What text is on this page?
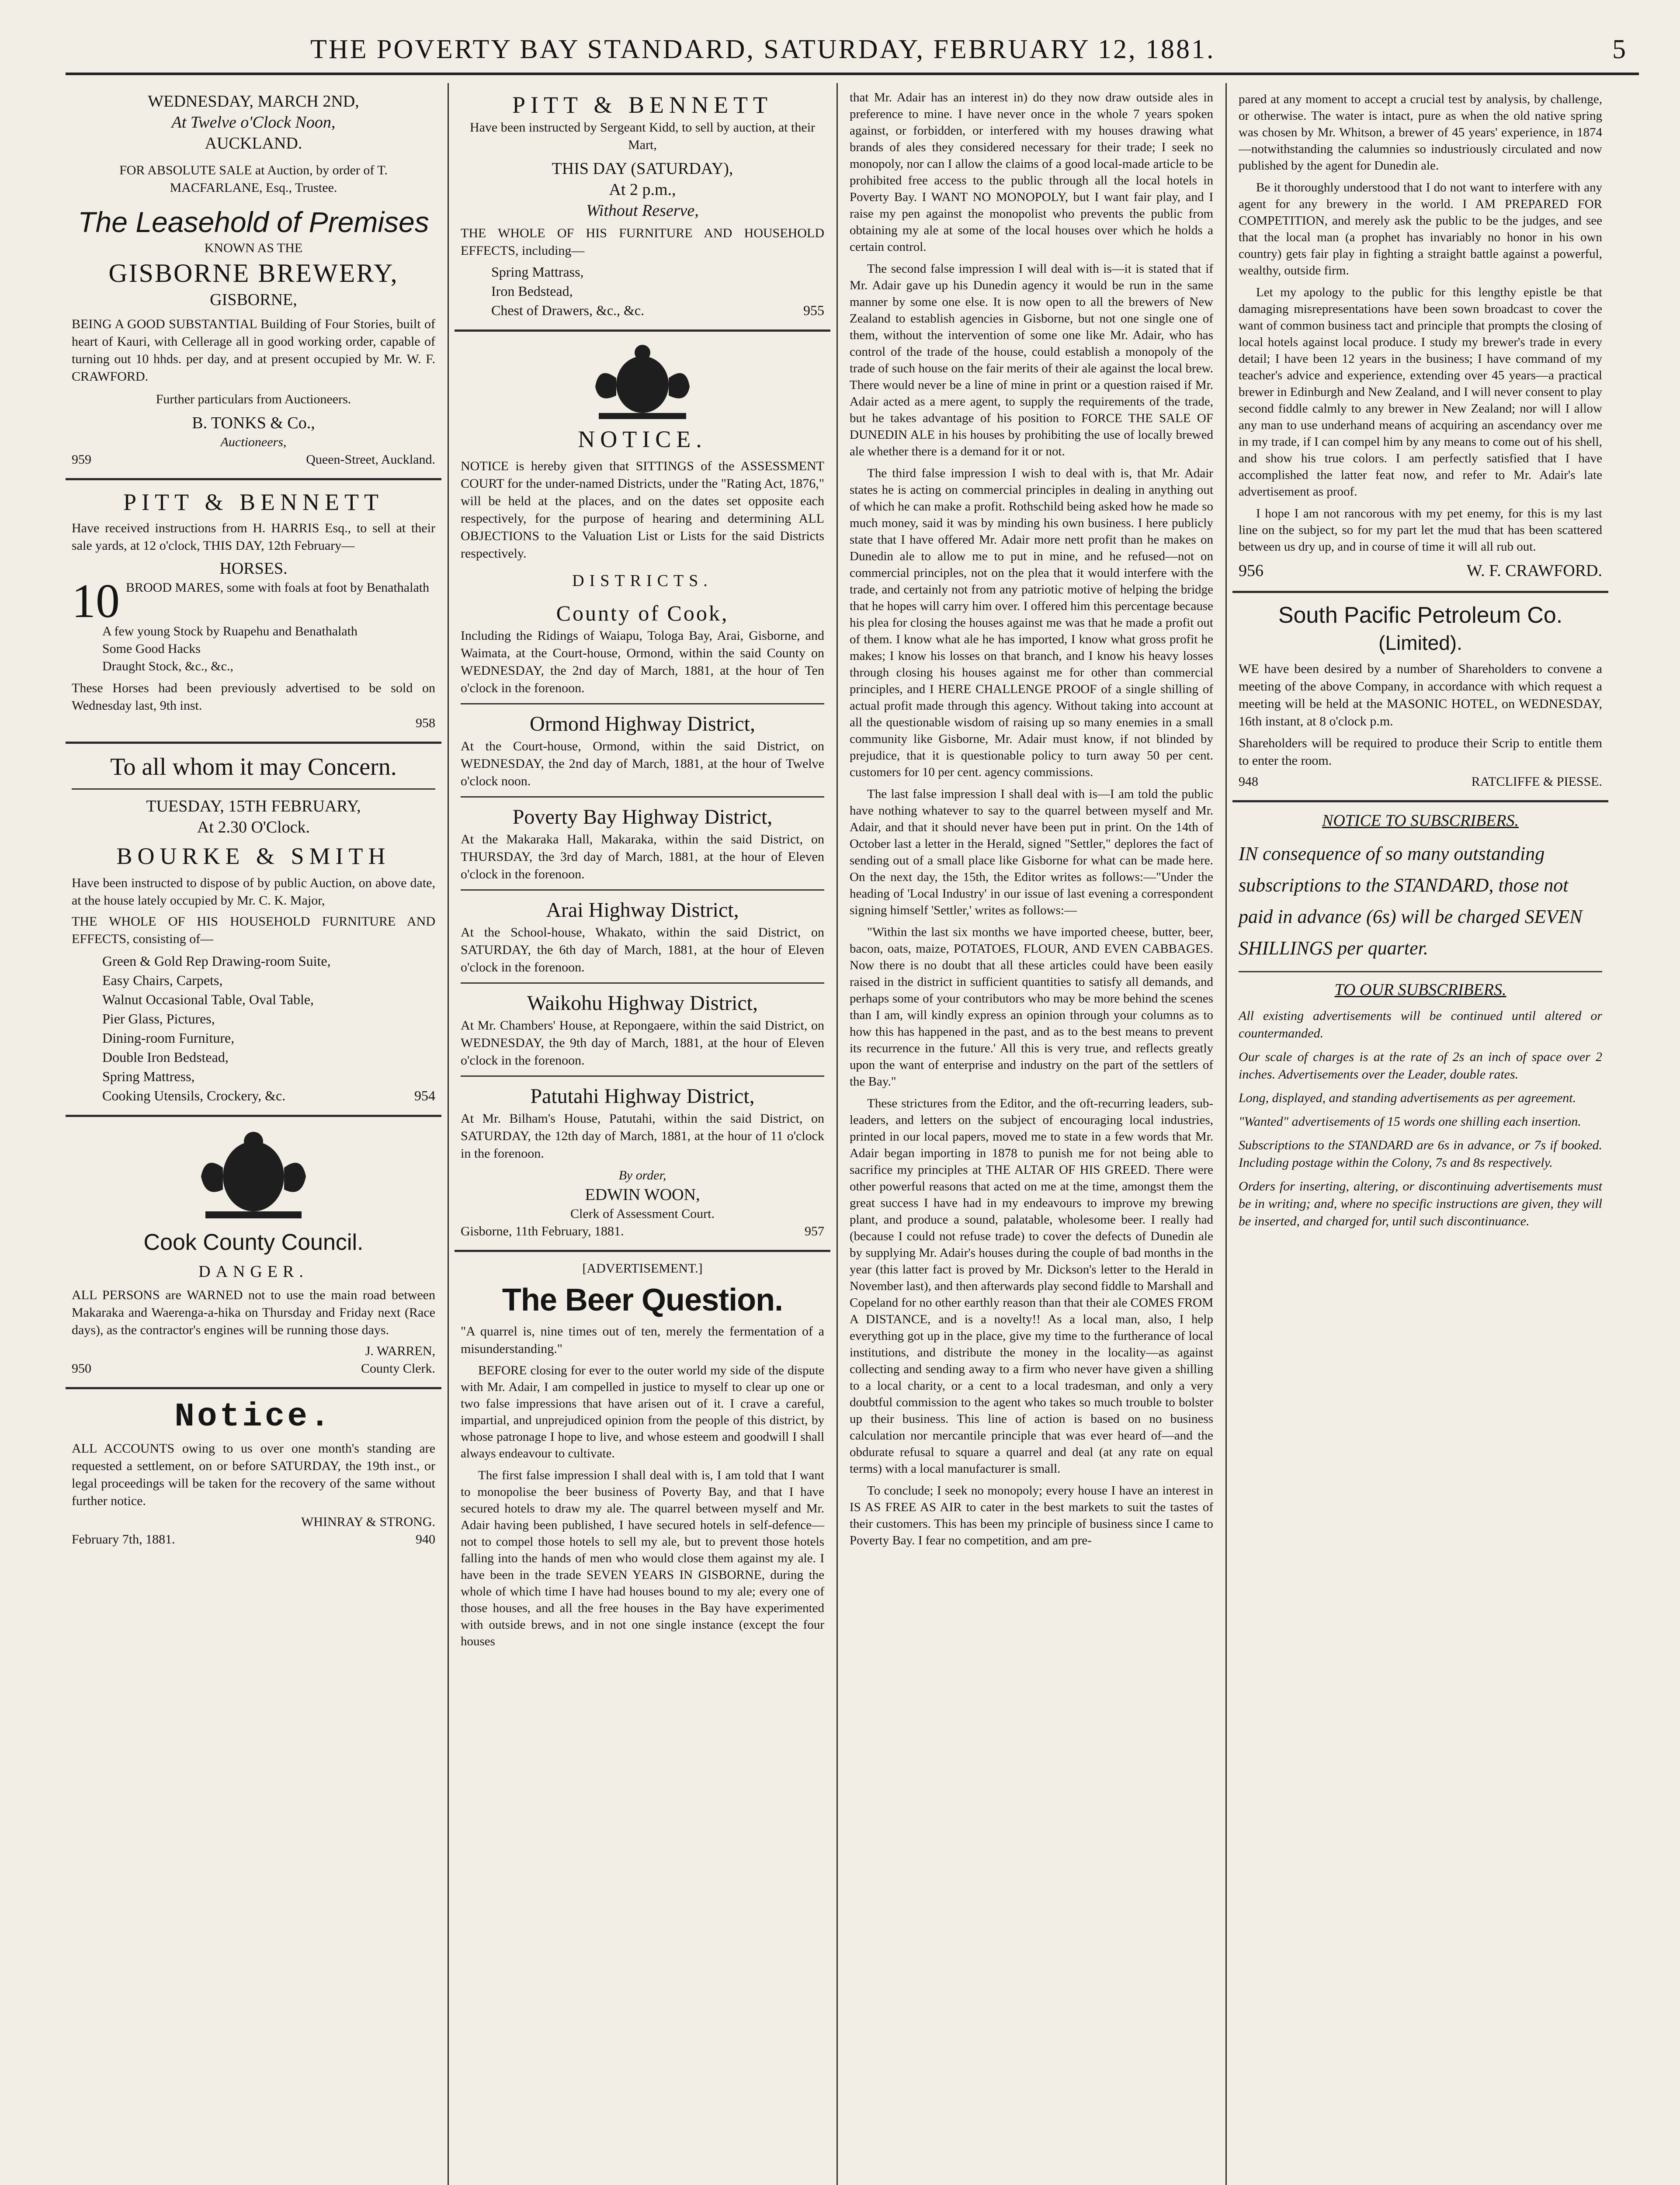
THE POVERTY BAY STANDARD, SATURDAY, FEBRUARY 12, 1881.	5
WEDNESDAY, MARCH 2ND,
At Twelve o'Clock Noon,
AUCKLAND.
FOR ABSOLUTE SALE at Auction, by order of T. MACFARLANE, Esq., Trustee.
The Leasehold of Premises
KNOWN AS THE
GISBORNE BREWERY,
GISBORNE,
BEING A GOOD SUBSTANTIAL Building of Four Stories, built of heart of Kauri, with Cellerage all in good working order, capable of turning out 10 hhds. per day, and at present occupied by Mr. W. F. CRAWFORD.
Further particulars from Auctioneers.
B. TONKS & Co.,
Auctioneers,
959	Queen-Street, Auckland.
PITT & BENNETT
Have received instructions from H. HARRIS Esq., to sell at their sale yards, at 12 o'clock, THIS DAY, 12th February—
HORSES.
10 BROOD MARES, some with foals at foot by Benathalath
A few young Stock by Ruapehu and Benathalath
Some Good Hacks
Draught Stock, &c., &c.,
These Horses had been previously advertised to be sold on Wednesday last, 9th inst.
958
To all whom it may Concern.
TUESDAY, 15TH FEBRUARY,
At 2.30 O'Clock.
BOURKE & SMITH
Have been instructed to dispose of by public Auction, on above date, at the house lately occupied by Mr. C. K. Major,
THE WHOLE OF HIS HOUSEHOLD FURNITURE AND EFFECTS, consisting of—
Green & Gold Rep Drawing-room Suite,
Easy Chairs, Carpets,
Walnut Occasional Table, Oval Table,
Pier Glass, Pictures,
Dining-room Furniture,
Double Iron Bedstead,
Spring Mattress,
Cooking Utensils, Crockery, &c.	954
Cook County Council.
DANGER.
ALL PERSONS are WARNED not to use the main road between Makaraka and Waerenga-a-hika on Thursday and Friday next (Race days), as the contractor's engines will be running those days.
J. WARREN,
950	County Clerk.
Notice.
ALL ACCOUNTS owing to us over one month's standing are requested a settlement, on or before SATURDAY, the 19th inst., or legal proceedings will be taken for the recovery of the same without further notice.
WHINRAY & STRONG.
February 7th, 1881.	940
PITT & BENNETT
Have been instructed by Sergeant Kidd, to sell by auction, at their Mart,
THIS DAY (SATURDAY),
At 2 p.m.,
Without Reserve,
THE WHOLE OF HIS FURNITURE AND HOUSEHOLD EFFECTS, including—
Spring Mattrass,
Iron Bedstead,
Chest of Drawers, &c., &c.	955
NOTICE.
NOTICE is hereby given that SITTINGS of the ASSESSMENT COURT for the under-named Districts, under the "Rating Act, 1876," will be held at the places, and on the dates set opposite each respectively, for the purpose of hearing and determining ALL OBJECTIONS to the Valuation List or Lists for the said Districts respectively.
DISTRICTS.
County of Cook,
Including the Ridings of Waiapu, Tologa Bay, Arai, Gisborne, and Waimata, at the Court-house, Ormond, within the said County on WEDNESDAY, the 2nd day of March, 1881, at the hour of Ten o'clock in the forenoon.
Ormond Highway District,
At the Court-house, Ormond, within the said District, on WEDNESDAY, the 2nd day of March, 1881, at the hour of Twelve o'clock noon.
Poverty Bay Highway District,
At the Makaraka Hall, Makaraka, within the said District, on THURSDAY, the 3rd day of March, 1881, at the hour of Eleven o'clock in the forenoon.
Arai Highway District,
At the School-house, Whakato, within the said District, on SATURDAY, the 6th day of March, 1881, at the hour of Eleven o'clock in the forenoon.
Waikohu Highway District,
At Mr. Chambers' House, at Repongaere, within the said District, on WEDNESDAY, the 9th day of March, 1881, at the hour of Eleven o'clock in the forenoon.
Patutahi Highway District,
At Mr. Bilham's House, Patutahi, within the said District, on SATURDAY, the 12th day of March, 1881, at the hour of 11 o'clock in the forenoon.
By order,
EDWIN WOON,
Clerk of Assessment Court.
Gisborne, 11th February, 1881.	957
[ADVERTISEMENT.]
The Beer Question.
"A quarrel is, nine times out of ten, merely the fermentation of a misunderstanding."

BEFORE closing for ever to the outer world my side of the dispute with Mr. Adair, I am compelled in justice to myself to clear up one or two false impressions that have arisen out of it. I crave a careful, impartial, and unprejudiced opinion from the people of this district, by whose patronage I hope to live, and whose esteem and goodwill I shall always endeavour to cultivate.

The first false impression I shall deal with is, I am told that I want to monopolise the beer business of Poverty Bay, and that I have secured hotels to draw my ale. The quarrel between myself and Mr. Adair having been published, I have secured hotels in self-defence—not to compel those hotels to sell my ale, but to prevent those hotels falling into the hands of men who would close them against my ale. I have been in the trade SEVEN YEARS IN GISBORNE, during the whole of which time I have had houses bound to my ale; every one of those houses, and all the free houses in the Bay have experimented with outside brews, and in not one single instance (except the four houses

that Mr. Adair has an interest in) do they now draw outside ales in preference to mine. I have never once in the whole 7 years spoken against, or forbidden, or interfered with my houses drawing what brands of ales they considered necessary for their trade; I seek no monopoly, nor can I allow the claims of a good local-made article to be prohibited free access to the public through all the local hotels in Poverty Bay. I WANT NO MONOPOLY, but I want fair play, and I raise my pen against the monopolist who prevents the public from obtaining my ale at some of the local houses over which he holds a certain control.

The second false impression I will deal with is—it is stated that if Mr. Adair gave up his Dunedin agency it would be run in the same manner by some one else. It is now open to all the brewers of New Zealand to establish agencies in Gisborne, but not one single one of them, without the intervention of some one like Mr. Adair, who has control of the trade of the house, could establish a monopoly of the trade of such house on the fair merits of their ale against the local brew. There would never be a line of mine in print or a question raised if Mr. Adair acted as a mere agent, to supply the requirements of the trade, but he takes advantage of his position to FORCE THE SALE OF DUNEDIN ALE in his houses by prohibiting the use of locally brewed ale whether there is a demand for it or not.

The third false impression I wish to deal with is, that Mr. Adair states he is acting on commercial principles in dealing in anything out of which he can make a profit. Rothschild being asked how he made so much money, said it was by minding his own business. I here publicly state that I have offered Mr. Adair more nett profit than he makes on Dunedin ale to allow me to put in mine, and he refused—not on commercial principles, not on the plea that it would interfere with the trade, and certainly not from any patriotic motive of helping the bridge that he hopes will carry him over. I offered him this percentage because his plea for closing the houses against me was that he made a profit out of them. I know what ale he has imported, I know what gross profit he makes; I know his losses on that branch, and I know his heavy losses through closing his houses against me for other than commercial principles, and I HERE CHALLENGE PROOF of a single shilling of actual profit made through this agency. Without taking into account at all the questionable wisdom of raising up so many enemies in a small community like Gisborne, Mr. Adair must know, if not blinded by prejudice, that it is questionable policy to turn away 50 per cent. customers for 10 per cent. agency commissions.

The last false impression I shall deal with is—I am told the public have nothing whatever to say to the quarrel between myself and Mr. Adair, and that it should never have been put in print. On the 14th of October last a letter in the Herald, signed "Settler," deplores the fact of sending out of a small place like Gisborne for what can be made here. On the next day, the 15th, the Editor writes as follows:—"Under the heading of 'Local Industry' in our issue of last evening a correspondent signing himself 'Settler,' writes as follows:—

"Within the last six months we have imported cheese, butter, beer, bacon, oats, maize, POTATOES, FLOUR, AND EVEN CABBAGES. Now there is no doubt that all these articles could have been easily raised in the district in sufficient quantities to satisfy all demands, and perhaps some of your contributors who may be more behind the scenes than I am, will kindly express an opinion through your columns as to how this has happened in the past, and as to the best means to prevent its recurrence in the future.' All this is very true, and reflects greatly upon the want of enterprise and industry on the part of the settlers of the Bay."

These strictures from the Editor, and the oft-recurring leaders, sub-leaders, and letters on the subject of encouraging local industries, printed in our local papers, moved me to state in a few words that Mr. Adair began importing in 1878 to punish me for not being able to sacrifice my principles at THE ALTAR OF HIS GREED. There were other powerful reasons that acted on me at the time, amongst them the great success I have had in my endeavours to improve my brewing plant, and produce a sound, palatable, wholesome beer. I really had (because I could not refuse trade) to cover the defects of Dunedin ale by supplying Mr. Adair's houses during the couple of bad months in the year (this latter fact is proved by Mr. Dickson's letter to the Herald in November last), and then afterwards play second fiddle to Marshall and Copeland for no other earthly reason than that their ale COMES FROM A DISTANCE, and is a novelty!! As a local man, also, I help everything got up in the place, give my time to the furtherance of local institutions, and distribute the money in the locality—as against collecting and sending away to a firm who never have given a shilling to a local charity, or a cent to a local tradesman, and only a very doubtful commission to the agent who takes so much trouble to bolster up their business. This line of action is based on no business calculation nor mercantile principle that was ever heard of—and the obdurate refusal to square a quarrel and deal (at any rate on equal terms) with a local manufacturer is small.

To conclude; I seek no monopoly; every house I have an interest in IS AS FREE AS AIR to cater in the best markets to suit the tastes of their customers. This has been my principle of business since I came to Poverty Bay. I fear no competition, and am pre-

pared at any moment to accept a crucial test by analysis, by challenge, or otherwise. The water is intact, pure as when the old native spring was chosen by Mr. Whitson, a brewer of 45 years' experience, in 1874—notwithstanding the calumnies so industriously circulated and now published by the agent for Dunedin ale.

Be it thoroughly understood that I do not want to interfere with any agent for any brewery in the world. I AM PREPARED FOR COMPETITION, and merely ask the public to be the judges, and see that the local man (a prophet has invariably no honor in his own country) gets fair play in fighting a straight battle against a powerful, wealthy, outside firm.

Let my apology to the public for this lengthy epistle be that damaging misrepresentations have been sown broadcast to cover the want of common business tact and principle that prompts the closing of local hotels against local produce. I study my brewer's trade in every detail; I have been 12 years in the business; I have command of my teacher's advice and experience, extending over 45 years—a practical brewer in Edinburgh and New Zealand, and I will never consent to play second fiddle calmly to any brewer in New Zealand; nor will I allow any man to use underhand means of acquiring an ascendancy over me in my trade, if I can compel him by any means to come out of his shell, and show his true colors. I am perfectly satisfied that I have accomplished the latter feat now, and refer to Mr. Adair's late advertisement as proof.

I hope I am not rancorous with my pet enemy, for this is my last line on the subject, so for my part let the mud that has been scattered between us dry up, and in course of time it will all rub out.

956	W. F. CRAWFORD.
South Pacific Petroleum Co.
(Limited).
WE have been desired by a number of Shareholders to convene a meeting of the above Company, in accordance with which request a meeting will be held at the MASONIC HOTEL, on WEDNESDAY, 16th instant, at 8 o'clock p.m.
Shareholders will be required to produce their Scrip to entitle them to enter the room.
948	RATCLIFFE & PIESSE.
NOTICE TO SUBSCRIBERS.
IN consequence of so many outstanding subscriptions to the STANDARD, those not paid in advance (6s) will be charged SEVEN SHILLINGS per quarter.
TO OUR SUBSCRIBERS.

All existing advertisements will be continued until altered or countermanded.

Our scale of charges is at the rate of 2s an inch of space over 2 inches. Advertisements over the Leader, double rates.

Long, displayed, and standing advertisements as per agreement.

"Wanted" advertisements of 15 words one shilling each insertion.

Subscriptions to the STANDARD are 6s in advance, or 7s if booked. Including postage within the Colony, 7s and 8s respectively.

Orders for inserting, altering, or discontinuing advertisements must be in writing; and, where no specific instructions are given, they will be inserted, and charged for, until such discontinuance.
